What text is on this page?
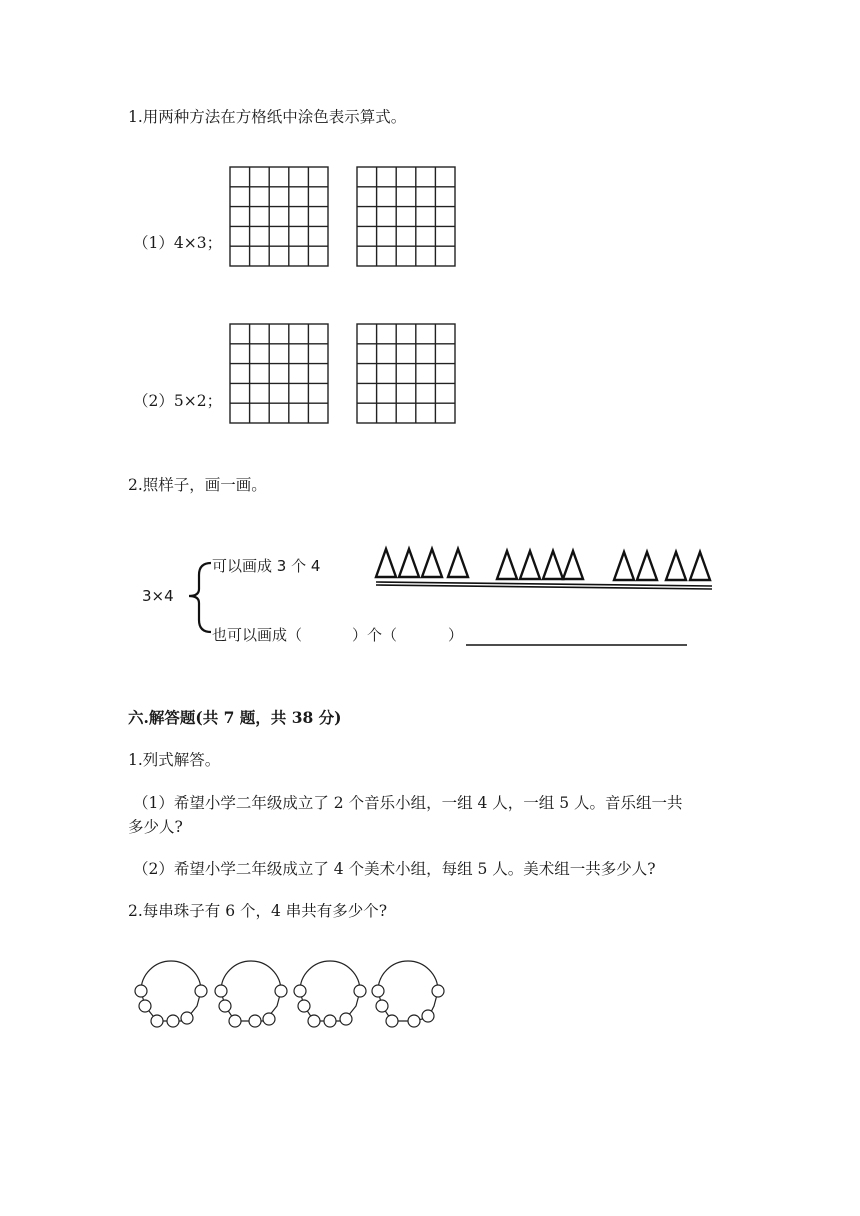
1.用两种方法在方格纸中涂色表示算式。
（1）4×3；
（2）5×2；
2.照样子，画一画。
3×4
可以画成 3 个 4
也可以画成（	）个（	）
六.解答题(共 7 题，共 38 分)
1.列式解答。
（1）希望小学二年级成立了 2 个音乐小组，一组 4 人，一组 5 人。音乐组一共
多少人?
（2）希望小学二年级成立了 4 个美术小组，每组 5 人。美术组一共多少人?
2.每串珠子有 6 个，4 串共有多少个?
